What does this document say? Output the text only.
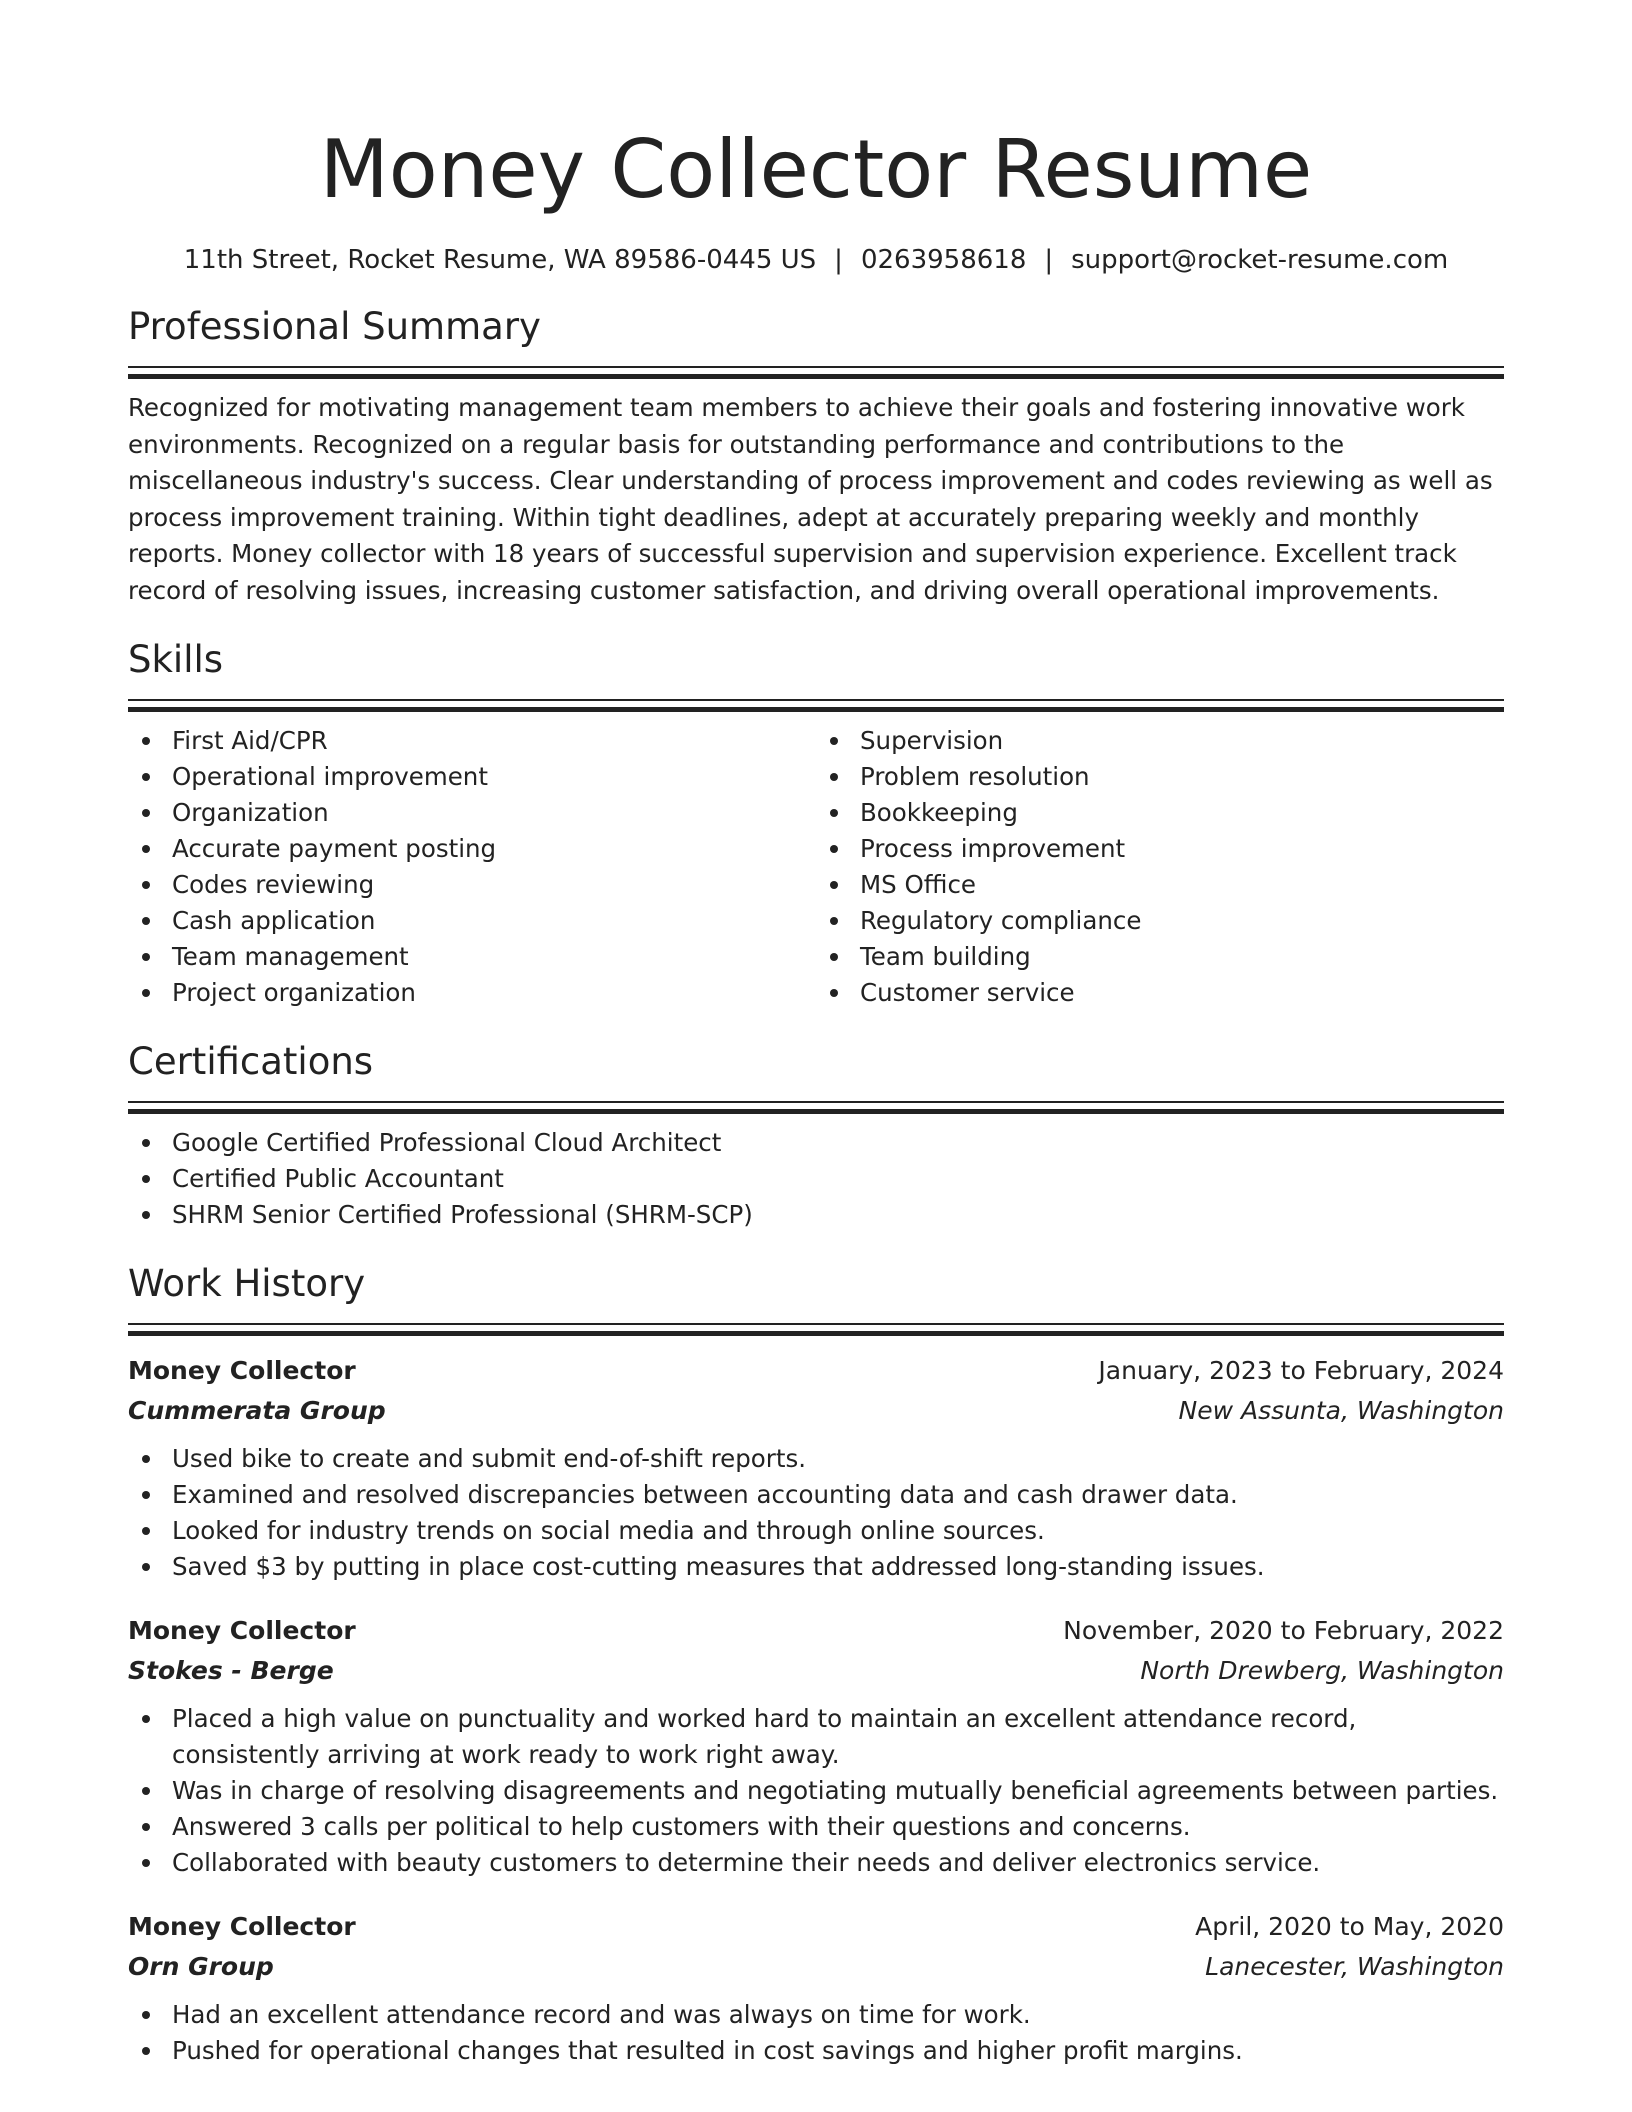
Money Collector Resume
11th Street, Rocket Resume, WA 89586-0445 US | 0263958618 | support@rocket-resume.com
Professional Summary

Recognized for motivating management team members to achieve their goals and fostering innovative work environments. Recognized on a regular basis for outstanding performance and contributions to the miscellaneous industry's success. Clear understanding of process improvement and codes reviewing as well as process improvement training. Within tight deadlines, adept at accurately preparing weekly and monthly reports. Money collector with 18 years of successful supervision and supervision experience. Excellent track record of resolving issues, increasing customer satisfaction, and driving overall operational improvements.

Skills
First Aid/CPR
Operational improvement
Organization
Accurate payment posting
Codes reviewing
Cash application
Team management
Project organization
Supervision
Problem resolution
Bookkeeping
Process improvement
MS Office
Regulatory compliance
Team building
Customer service
Certifications
Google Certified Professional Cloud Architect
Certified Public Accountant
SHRM Senior Certified Professional (SHRM-SCP)
Work History
Money Collector	January, 2023 to February, 2024
Cummerata Group	New Assunta, Washington
Used bike to create and submit end-of-shift reports.
Examined and resolved discrepancies between accounting data and cash drawer data.
Looked for industry trends on social media and through online sources.
Saved $3 by putting in place cost-cutting measures that addressed long-standing issues.
Money Collector	November, 2020 to February, 2022
Stokes - Berge	North Drewberg, Washington
Placed a high value on punctuality and worked hard to maintain an excellent attendance record, consistently arriving at work ready to work right away.
Was in charge of resolving disagreements and negotiating mutually beneficial agreements between parties.
Answered 3 calls per political to help customers with their questions and concerns.
Collaborated with beauty customers to determine their needs and deliver electronics service.
Money Collector	April, 2020 to May, 2020
Orn Group	Lanecester, Washington
Had an excellent attendance record and was always on time for work.
Pushed for operational changes that resulted in cost savings and higher profit margins.
